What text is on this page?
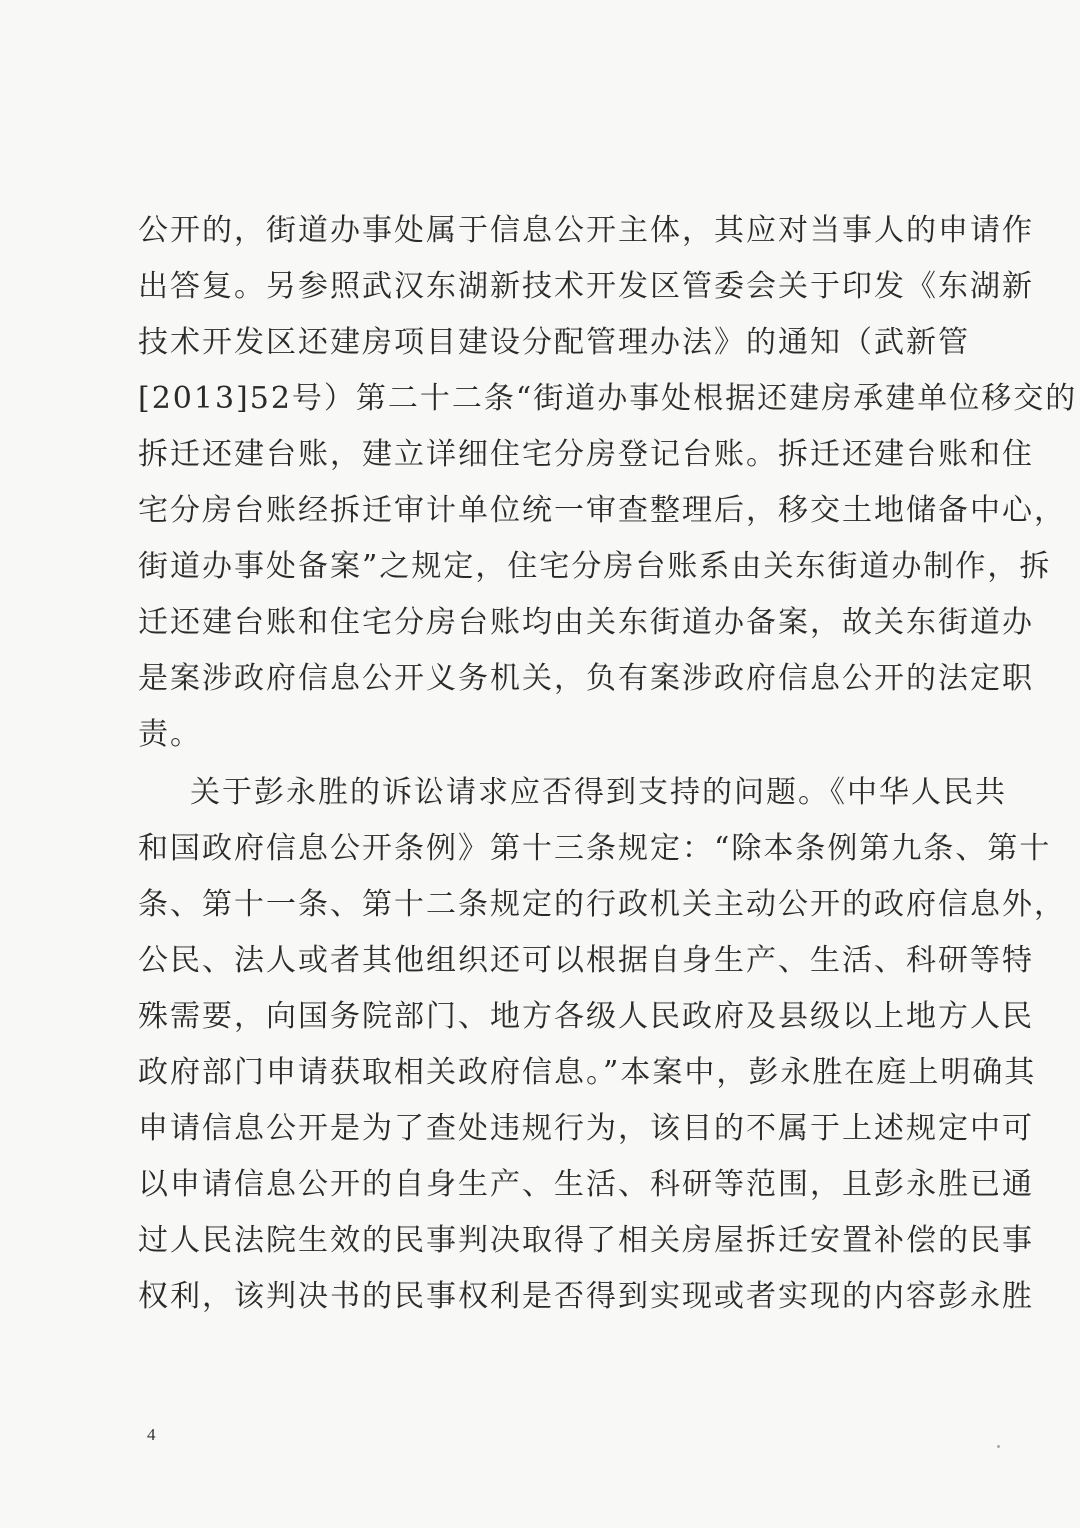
公开的，街道办事处属于信息公开主体，其应对当事人的申请作
出答复。另参照武汉东湖新技术开发区管委会关于印发《东湖新
技术开发区还建房项目建设分配管理办法》的通知（武新管
[2013]52号）第二十二条“街道办事处根据还建房承建单位移交的
拆迁还建台账，建立详细住宅分房登记台账。拆迁还建台账和住
宅分房台账经拆迁审计单位统一审查整理后，移交土地储备中心，
街道办事处备案”之规定，住宅分房台账系由关东街道办制作，拆
迁还建台账和住宅分房台账均由关东街道办备案，故关东街道办
是案涉政府信息公开义务机关，负有案涉政府信息公开的法定职
责。
关于彭永胜的诉讼请求应否得到支持的问题。《中华人民共
和国政府信息公开条例》第十三条规定：“除本条例第九条、第十
条、第十一条、第十二条规定的行政机关主动公开的政府信息外，
公民、法人或者其他组织还可以根据自身生产、生活、科研等特
殊需要，向国务院部门、地方各级人民政府及县级以上地方人民
政府部门申请获取相关政府信息。”本案中，彭永胜在庭上明确其
申请信息公开是为了查处违规行为，该目的不属于上述规定中可
以申请信息公开的自身生产、生活、科研等范围，且彭永胜已通
过人民法院生效的民事判决取得了相关房屋拆迁安置补偿的民事
权利，该判决书的民事权利是否得到实现或者实现的内容彭永胜
4
